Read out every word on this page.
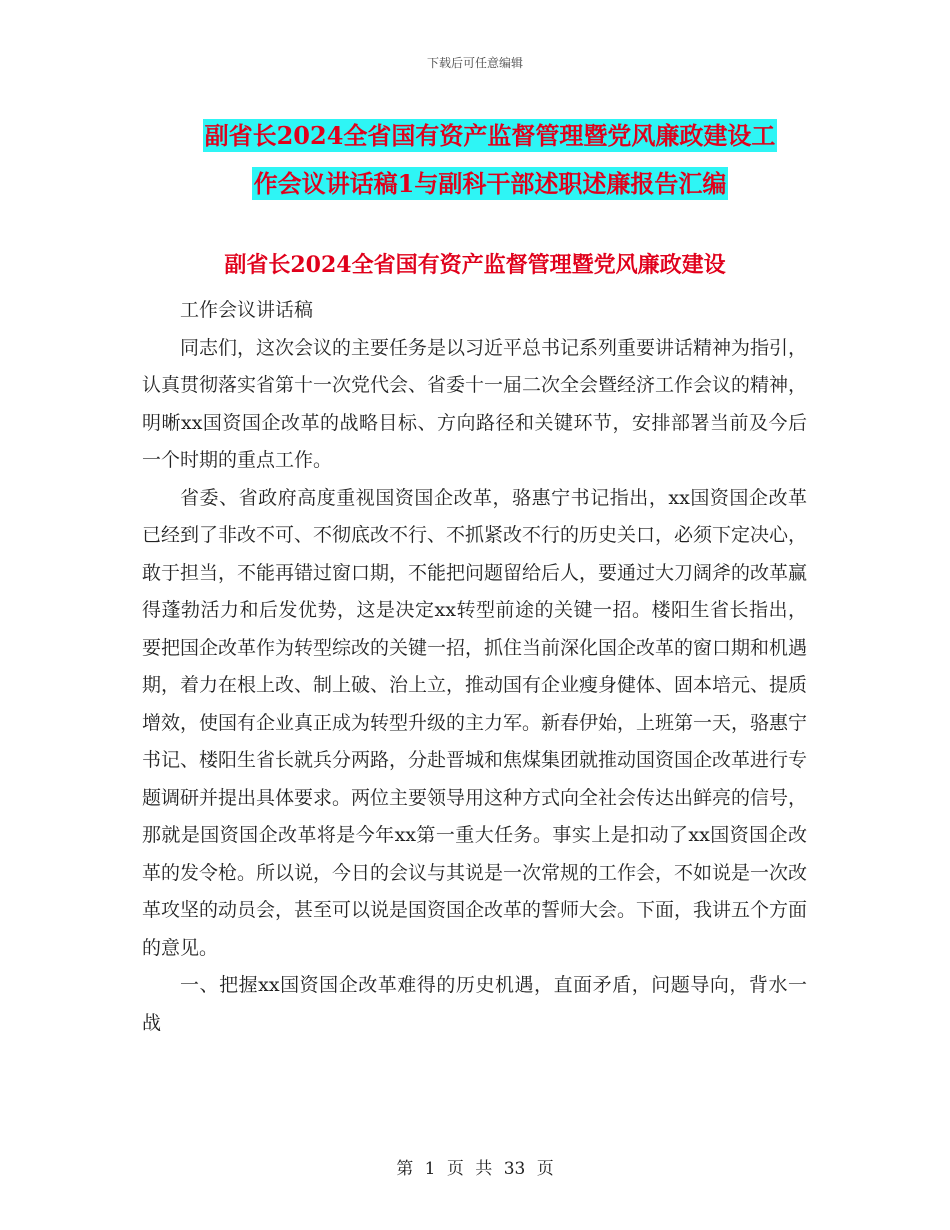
下载后可任意编辑
副省长2024全省国有资产监督管理暨党风廉政建设工
作会议讲话稿1与副科干部述职述廉报告汇编
副省长2024全省国有资产监督管理暨党风廉政建设

工作会议讲话稿

同志们，这次会议的主要任务是以习近平总书记系列重要讲话精神为指引，认真贯彻落实省第十一次党代会、省委十一届二次全会暨经济工作会议的精神，明晰xx国资国企改革的战略目标、方向路径和关键环节，安排部署当前及今后一个时期的重点工作。

省委、省政府高度重视国资国企改革，骆惠宁书记指出，xx国资国企改革已经到了非改不可、不彻底改不行、不抓紧改不行的历史关口，必须下定决心，敢于担当，不能再错过窗口期，不能把问题留给后人，要通过大刀阔斧的改革赢得蓬勃活力和后发优势，这是决定xx转型前途的关键一招。楼阳生省长指出，要把国企改革作为转型综改的关键一招，抓住当前深化国企改革的窗口期和机遇期，着力在根上改、制上破、治上立，推动国有企业瘦身健体、固本培元、提质增效，使国有企业真正成为转型升级的主力军。新春伊始，上班第一天，骆惠宁书记、楼阳生省长就兵分两路，分赴晋城和焦煤集团就推动国资国企改革进行专题调研并提出具体要求。两位主要领导用这种方式向全社会传达出鲜亮的信号，那就是国资国企改革将是今年xx第一重大任务。事实上是扣动了xx国资国企改革的发令枪。所以说，今日的会议与其说是一次常规的工作会，不如说是一次改革攻坚的动员会，甚至可以说是国资国企改革的誓师大会。下面，我讲五个方面的意见。

一、把握xx国资国企改革难得的历史机遇，直面矛盾，问题导向，背水一战

第 1 页 共 33 页
